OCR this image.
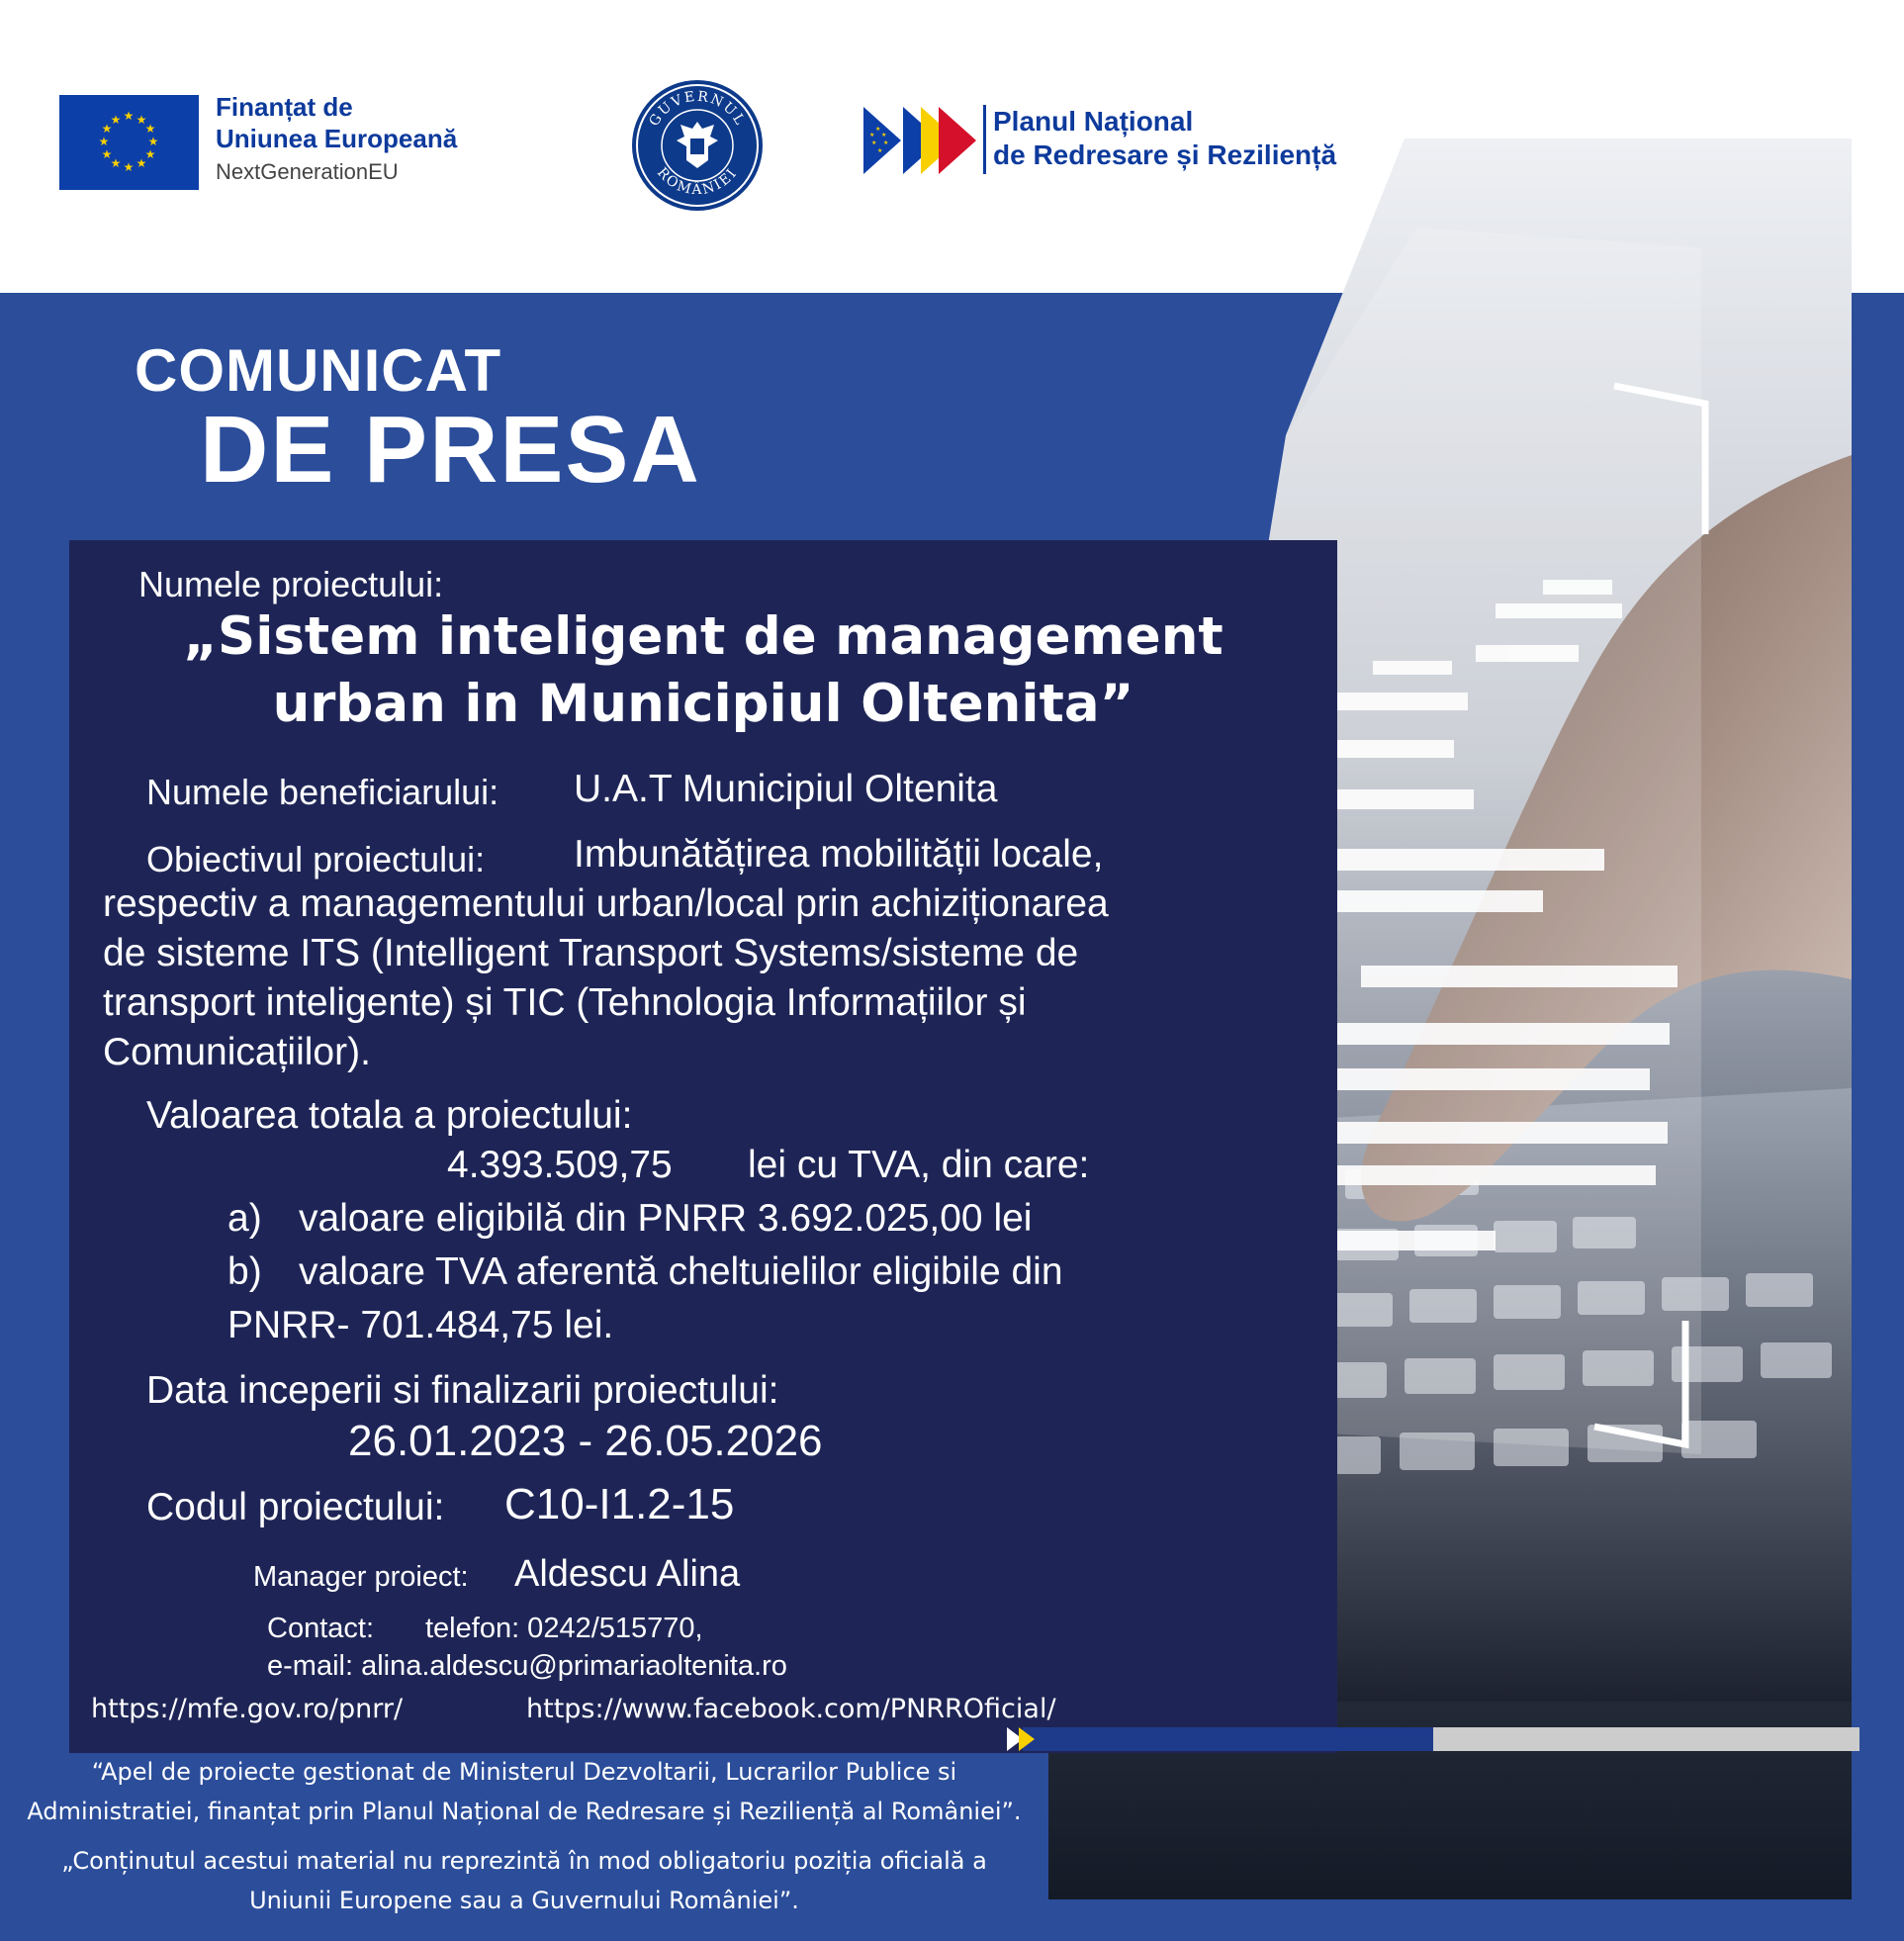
★ ★
★
★
★
★
★
★
★
★
★
★	Finanțat de
Uniunea Europeană
NextGenerationEU
GUVERNUL
ROMÂNIEI
★
★
★
★
★
★	Planul Național
de Redresare și Reziliență
COMUNICAT
DE PRESA
Numele proiectului:
„Sistem inteligent de management
urban in Municipiul Oltenita”
Numele beneficiarului: U.A.T Municipiul Oltenita
Obiectivul proiectului: Imbunătățirea mobilității locale,
respectiv a managementului urban/local prin achiziționarea
de sisteme ITS (Intelligent Transport Systems/sisteme de
transport inteligente) și TIC (Tehnologia Informațiilor și
Comunicațiilor).
Valoarea totala a proiectului:
4.393.509,75 lei cu TVA, din care:
a) valoare eligibilă din PNRR 3.692.025,00 lei
b) valoare TVA aferentă cheltuielilor eligibile din
PNRR- 701.484,75 lei.
Data inceperii si finalizarii proiectului:
26.01.2023 - 26.05.2026
Codul proiectului: C10-I1.2-15
Manager proiect: Aldescu Alina
Contact: telefon: 0242/515770,
e-mail: alina.aldescu@primariaoltenita.ro
https://mfe.gov.ro/pnrr/	https://www.facebook.com/PNRROficial/
“Apel de proiecte gestionat de Ministerul Dezvoltarii, Lucrarilor Publice si
Administratiei, finanțat prin Planul Național de Redresare și Reziliență al României”.
„Conținutul acestui material nu reprezintă în mod obligatoriu poziția oficială a
Uniunii Europene sau a Guvernului României”.
